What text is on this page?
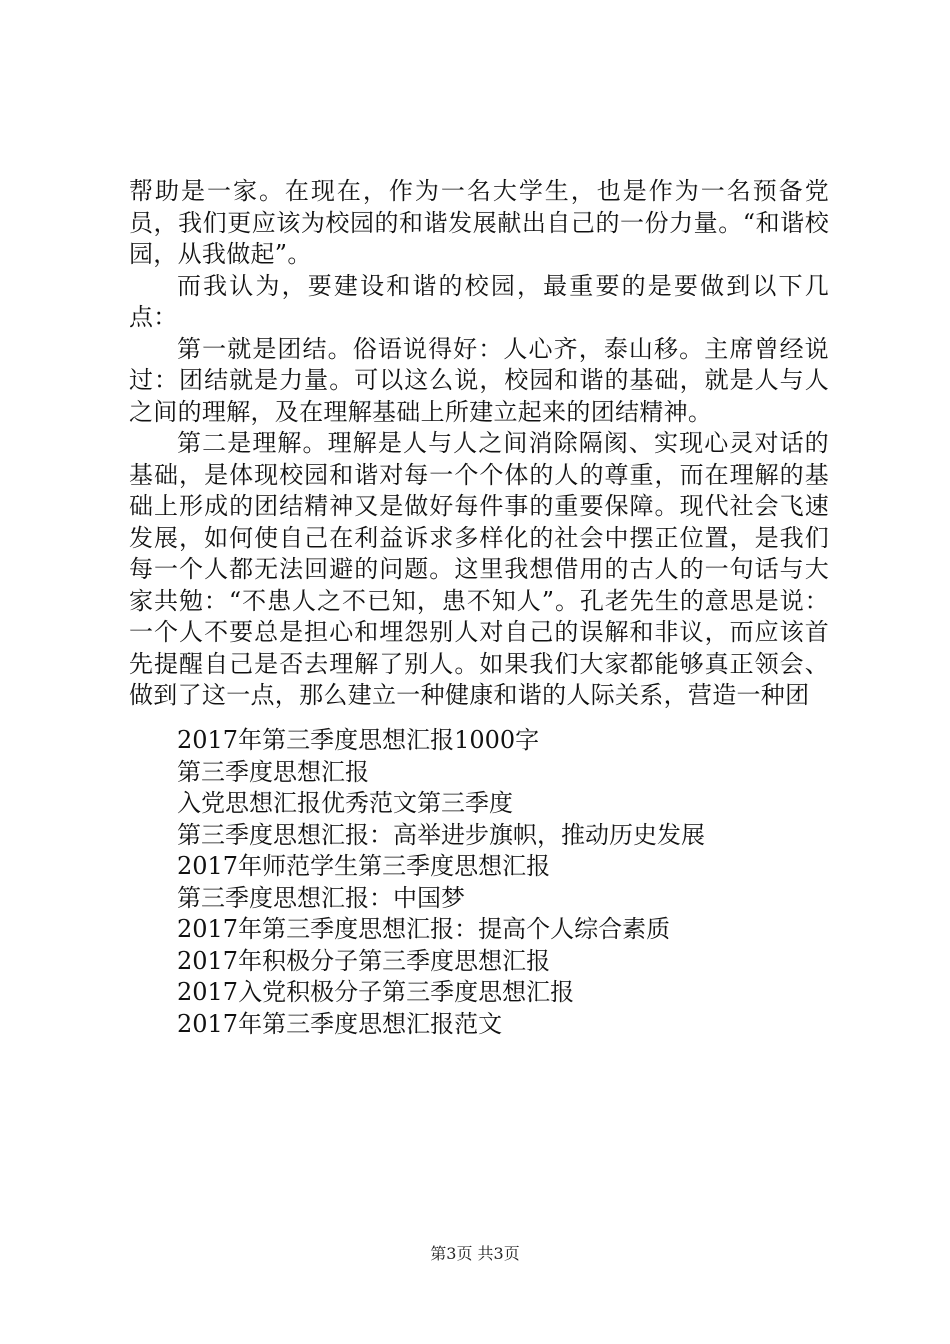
帮助是一家。在现在，作为一名大学生，也是作为一名预备党员，我们更应该为校园的和谐发展献出自己的一份力量。“和谐校园，从我做起”。

而我认为，要建设和谐的校园，最重要的是要做到以下几点：

第一就是团结。俗语说得好：人心齐，泰山移。主席曾经说过：团结就是力量。可以这么说，校园和谐的基础，就是人与人之间的理解，及在理解基础上所建立起来的团结精神。

第二是理解。理解是人与人之间消除隔阂、实现心灵对话的基础，是体现校园和谐对每一个个体的人的尊重，而在理解的基础上形成的团结精神又是做好每件事的重要保障。现代社会飞速发展，如何使自己在利益诉求多样化的社会中摆正位置，是我们每一个人都无法回避的问题。这里我想借用的古人的一句话与大家共勉：“不患人之不已知，患不知人”。孔老先生的意思是说：一个人不要总是担心和埋怨别人对自己的误解和非议，而应该首先提醒自己是否去理解了别人。如果我们大家都能够真正领会、做到了这一点，那么建立一种健康和谐的人际关系，营造一种团

2017年第三季度思想汇报1000字
第三季度思想汇报
入党思想汇报优秀范文第三季度
第三季度思想汇报：高举进步旗帜，推动历史发展
2017年师范学生第三季度思想汇报
第三季度思想汇报：中国梦
2017年第三季度思想汇报：提高个人综合素质
2017年积极分子第三季度思想汇报
2017入党积极分子第三季度思想汇报
2017年第三季度思想汇报范文
第3页 共3页
